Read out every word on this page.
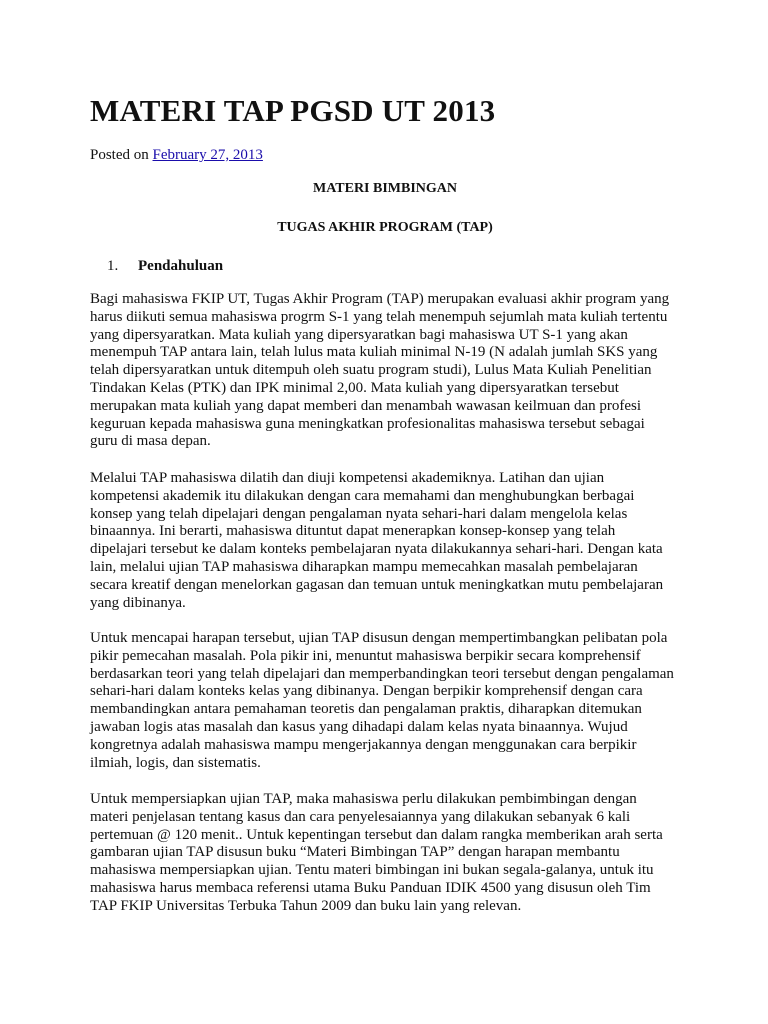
MATERI TAP PGSD UT 2013
Posted on February 27, 2013
MATERI BIMBINGAN
TUGAS AKHIR PROGRAM (TAP)
1. Pendahuluan

Bagi mahasiswa FKIP UT, Tugas Akhir Program (TAP) merupakan evaluasi akhir program yang
harus diikuti semua mahasiswa progrm S-1 yang telah menempuh sejumlah mata kuliah tertentu
yang dipersyaratkan. Mata kuliah yang dipersyaratkan bagi mahasiswa UT S-1 yang akan
menempuh TAP antara lain, telah lulus mata kuliah minimal N-19 (N adalah jumlah SKS yang
telah dipersyaratkan untuk ditempuh oleh suatu program studi), Lulus Mata Kuliah Penelitian
Tindakan Kelas (PTK) dan IPK minimal 2,00. Mata kuliah yang dipersyaratkan tersebut
merupakan mata kuliah yang dapat memberi dan menambah wawasan keilmuan dan profesi
keguruan kepada mahasiswa guna meningkatkan profesionalitas mahasiswa tersebut sebagai
guru di masa depan.

Melalui TAP mahasiswa dilatih dan diuji kompetensi akademiknya. Latihan dan ujian
kompetensi akademik itu dilakukan dengan cara memahami dan menghubungkan berbagai
konsep yang telah dipelajari dengan pengalaman nyata sehari-hari dalam mengelola kelas
binaannya. Ini berarti, mahasiswa dituntut dapat menerapkan konsep-konsep yang telah
dipelajari tersebut ke dalam konteks pembelajaran nyata dilakukannya sehari-hari. Dengan kata
lain, melalui ujian TAP mahasiswa diharapkan mampu memecahkan masalah pembelajaran
secara kreatif dengan menelorkan gagasan dan temuan untuk meningkatkan mutu pembelajaran
yang dibinanya.

Untuk mencapai harapan tersebut, ujian TAP disusun dengan mempertimbangkan pelibatan pola
pikir pemecahan masalah. Pola pikir ini, menuntut mahasiswa berpikir secara komprehensif
berdasarkan teori yang telah dipelajari dan memperbandingkan teori tersebut dengan pengalaman
sehari-hari dalam konteks kelas yang dibinanya. Dengan berpikir komprehensif dengan cara
membandingkan antara pemahaman teoretis dan pengalaman praktis, diharapkan ditemukan
jawaban logis atas masalah dan kasus yang dihadapi dalam kelas nyata binaannya. Wujud
kongretnya adalah mahasiswa mampu mengerjakannya dengan menggunakan cara berpikir
ilmiah, logis, dan sistematis.

Untuk mempersiapkan ujian TAP, maka mahasiswa perlu dilakukan pembimbingan dengan
materi penjelasan tentang kasus dan cara penyelesaiannya yang dilakukan sebanyak 6 kali
pertemuan @ 120 menit.. Untuk kepentingan tersebut dan dalam rangka memberikan arah serta
gambaran ujian TAP disusun buku “Materi Bimbingan TAP” dengan harapan membantu
mahasiswa mempersiapkan ujian. Tentu materi bimbingan ini bukan segala-galanya, untuk itu
mahasiswa harus membaca referensi utama Buku Panduan IDIK 4500 yang disusun oleh Tim
TAP FKIP Universitas Terbuka Tahun 2009 dan buku lain yang relevan.
